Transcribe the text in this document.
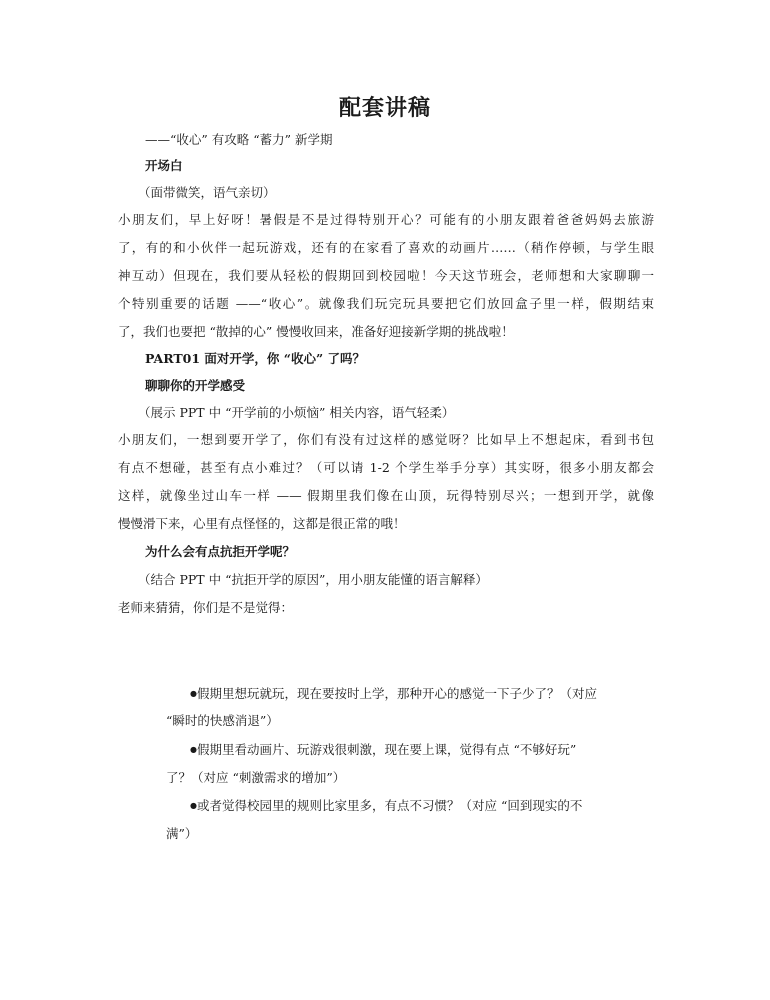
配套讲稿
——“收心” 有攻略 “蓄力” 新学期
开场白
（面带微笑，语气亲切）
小朋友们，早上好呀！暑假是不是过得特别开心？可能有的小朋友跟着爸爸妈妈去旅游
了，有的和小伙伴一起玩游戏，还有的在家看了喜欢的动画片……（稍作停顿，与学生眼
神互动）但现在，我们要从轻松的假期回到校园啦！今天这节班会，老师想和大家聊聊一
个特别重要的话题 ——“收心”。就像我们玩完玩具要把它们放回盒子里一样，假期结束
了，我们也要把 “散掉的心” 慢慢收回来，准备好迎接新学期的挑战啦！
PART01 面对开学，你 “收心” 了吗？
聊聊你的开学感受
（展示 PPT 中 “开学前的小烦恼” 相关内容，语气轻柔）
小朋友们，一想到要开学了，你们有没有过这样的感觉呀？比如早上不想起床，看到书包
有点不想碰，甚至有点小难过？（可以请 1-2 个学生举手分享）其实呀，很多小朋友都会
这样，就像坐过山车一样 —— 假期里我们像在山顶，玩得特别尽兴；一想到开学，就像
慢慢滑下来，心里有点怪怪的，这都是很正常的哦！
为什么会有点抗拒开学呢？
（结合 PPT 中 “抗拒开学的原因”，用小朋友能懂的语言解释）
老师来猜猜，你们是不是觉得：
●假期里想玩就玩，现在要按时上学，那种开心的感觉一下子少了？（对应
“瞬时的快感消退”）
●假期里看动画片、玩游戏很刺激，现在要上课，觉得有点 “不够好玩”
了？（对应 “刺激需求的增加”）
●或者觉得校园里的规则比家里多，有点不习惯？（对应 “回到现实的不
满”）
